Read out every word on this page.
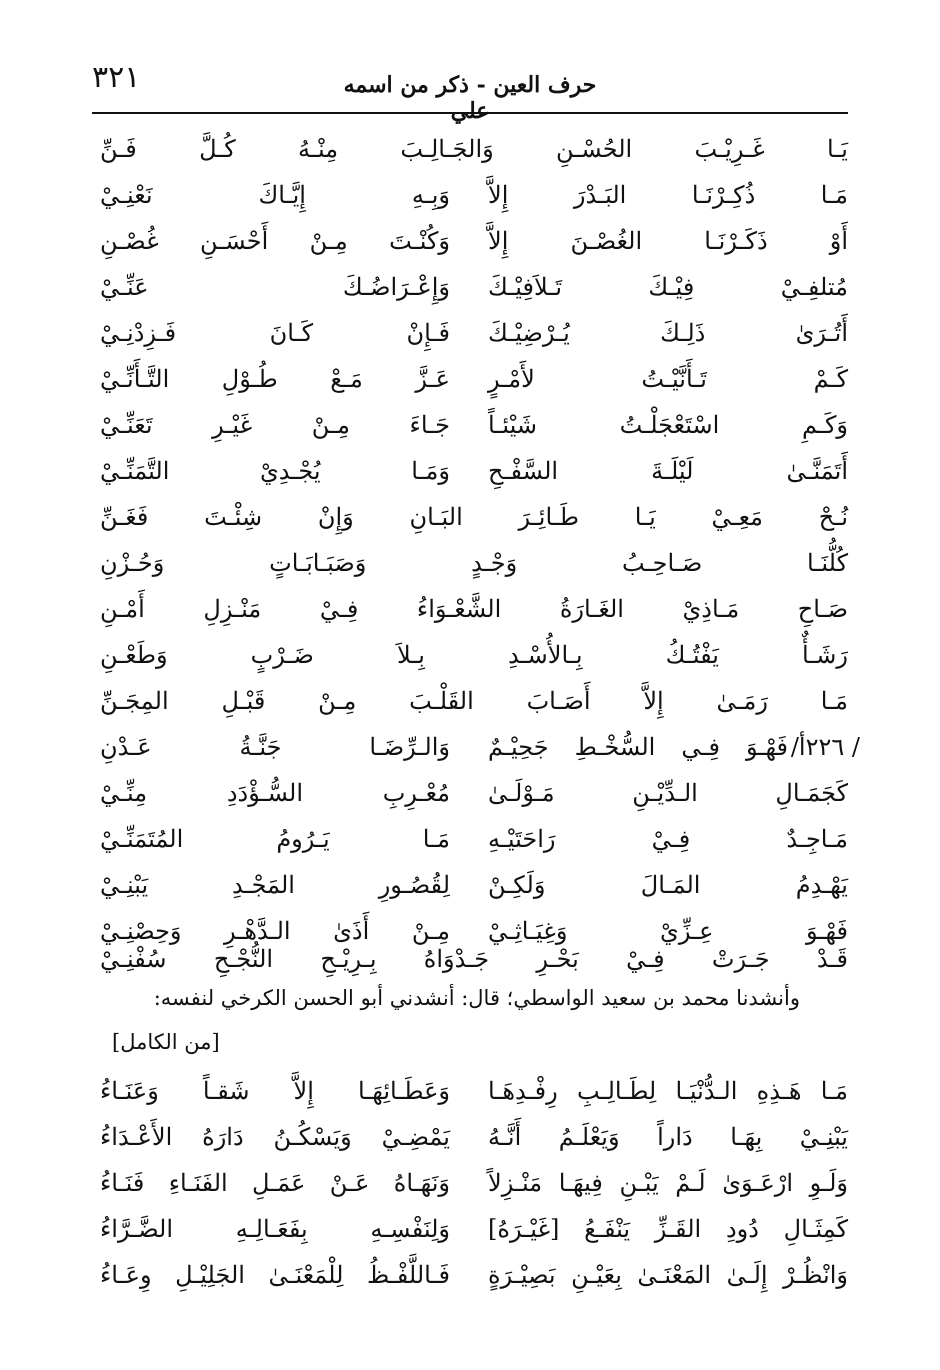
٣٢١	حرف العين - ذكر من اسمه علي
يَـا غَـرِيْـبَ الحُسْـنِ وَالجَـالِـبَ مِنْـهُ كُـلَّ فَـنِّ
مَـا ذُكِـرْنَـا البَـدْرَ إِلاَّ
وَبِـهِ إِيَّـاكَ نَعْنِـيْ
أَوْ ذَكَـرْنَـا الغُصْـنَ إِلاَّ
وَكُنْـتَ مِـنْ أَحْسَـنِ غُصْـنِ
مُتلفِـيْ فِيْـكَ تَـلاَفِيْـكَ
وَإِعْـرَاضُـكَ عَنِّـيْ
أَتُـرَىٰ ذَلِـكَ يُـرْضِيْـكَ
فَـإِنْ كَـانَ فَـزِدْنِـيْ
كَـمْ تَـأَنَّيْـتُ لأَمْـرٍ
عَـزَّ مَـعْ طُـوْلِ التَّـأَنِّـيْ
وَكَـمِ اسْتَعْجَلْـتُ شَيْئـاً
جَـاءَ مِـنْ غَيْـرِ تَعَنِّـيْ
أَتَمَنَّـىٰ لَيْلَـةَ السَّفْـحِ
وَمَـا يُجْـدِيْ التَّمَنِّـيْ
نُـحْ مَعِـيْ يَـا طَـائِـرَ البَـانِ وَإِنْ شِئْـتَ فَغَـنِّ
كُلُّنَـا صَـاحِـبُ وَجْـدٍ وَصَبَـابَـاتٍ وَحُـزْنِ
صَـاحِ مَـاذِيْ الغَـارَةُ الشَّعْـوَاءُ فِـيْ مَنْـزِلِ أَمْـنِ
رَشَـأٌ يَفْتُـكُ بِـالأُسْـدِ بِـلاَ ضَـرْبٍ وَطَعْـنِ
مَـا رَمَـىٰ إِلاَّ أَصَـابَ القَلْـبَ مِـنْ قَبْـلِ المِجَـنِّ
/ ٢٢٦أ/
فَهْـوَ فِـي السُّخْـطِ جَحِيْـمٌ
وَالـرِّضَـا جَنَّـةُ عَـدْنِ
كَجَمَـالِ الـدِّيْـنِ مَـوْلَـىٰ
مُعْـرِبِ السُّـؤْدَدِ مِنِّـيْ
مَـاجِـدٌ فِـيْ رَاحَتَيْـهِ
مَـا يَـرُومُ المُتَمَنِّـيْ
يَهْـدِمُ المَـالَ وَلَكِـنْ
لِقُصُـورِ المَجْـدِ يَبْنِـيْ
فَهْـوَ عِـزِّيْ وَغِيَـاثِـيْ
مِـنْ أَذَىٰ الـدَّهْـرِ وَحِصْنِـيْ
قَـدْ جَـرَتْ فِـيْ بَحْـرِ جَـدْوَاهُ بِـرِيْـحِ النُّجْـحِ سُفْنِـيْ
وأنشدنا محمد بن سعيد الواسطي؛ قال: أنشدني أبو الحسن الكرخي لنفسه:
[من الكامل]
مَـا هَـذِهِ الـدُّنْيَـا لِطَـالِـبِ رِفْـدِهَـا
وَعَطَـائِهَـا إِلاَّ شَقـاً وَعَنَـاءُ
يَبْنِـيْ بِهَـا دَاراً وَيَعْلَـمُ أَنَّـهُ
يَمْضِـيْ وَيَسْكُـنُ دَارَهُ الأَعْـدَاءُ
وَلَـوِ ارْعَـوَىٰ لَـمْ يَبْـنِ فِيهَـا مَنْـزِلاً
وَنَهَـاهُ عَـنْ عَمَـلِ الفَنَـاءِ فَنَـاءُ
كَمِثَـالِ دُودِ القَـزِّ يَنْفَـعُ [غَيْـرَهُ]
وَلِنَفْسِـهِ بِفَعَـالِـهِ الضَّـرَّاءُ
وَانْظُـرْ إِلَـىٰ المَعْنَـىٰ بِعَيْـنِ بَصِيْـرَةٍ
فَـاللَّفْـظُ لِلْمَعْنَـىٰ الجَلِيْـلِ وِعَـاءُ
